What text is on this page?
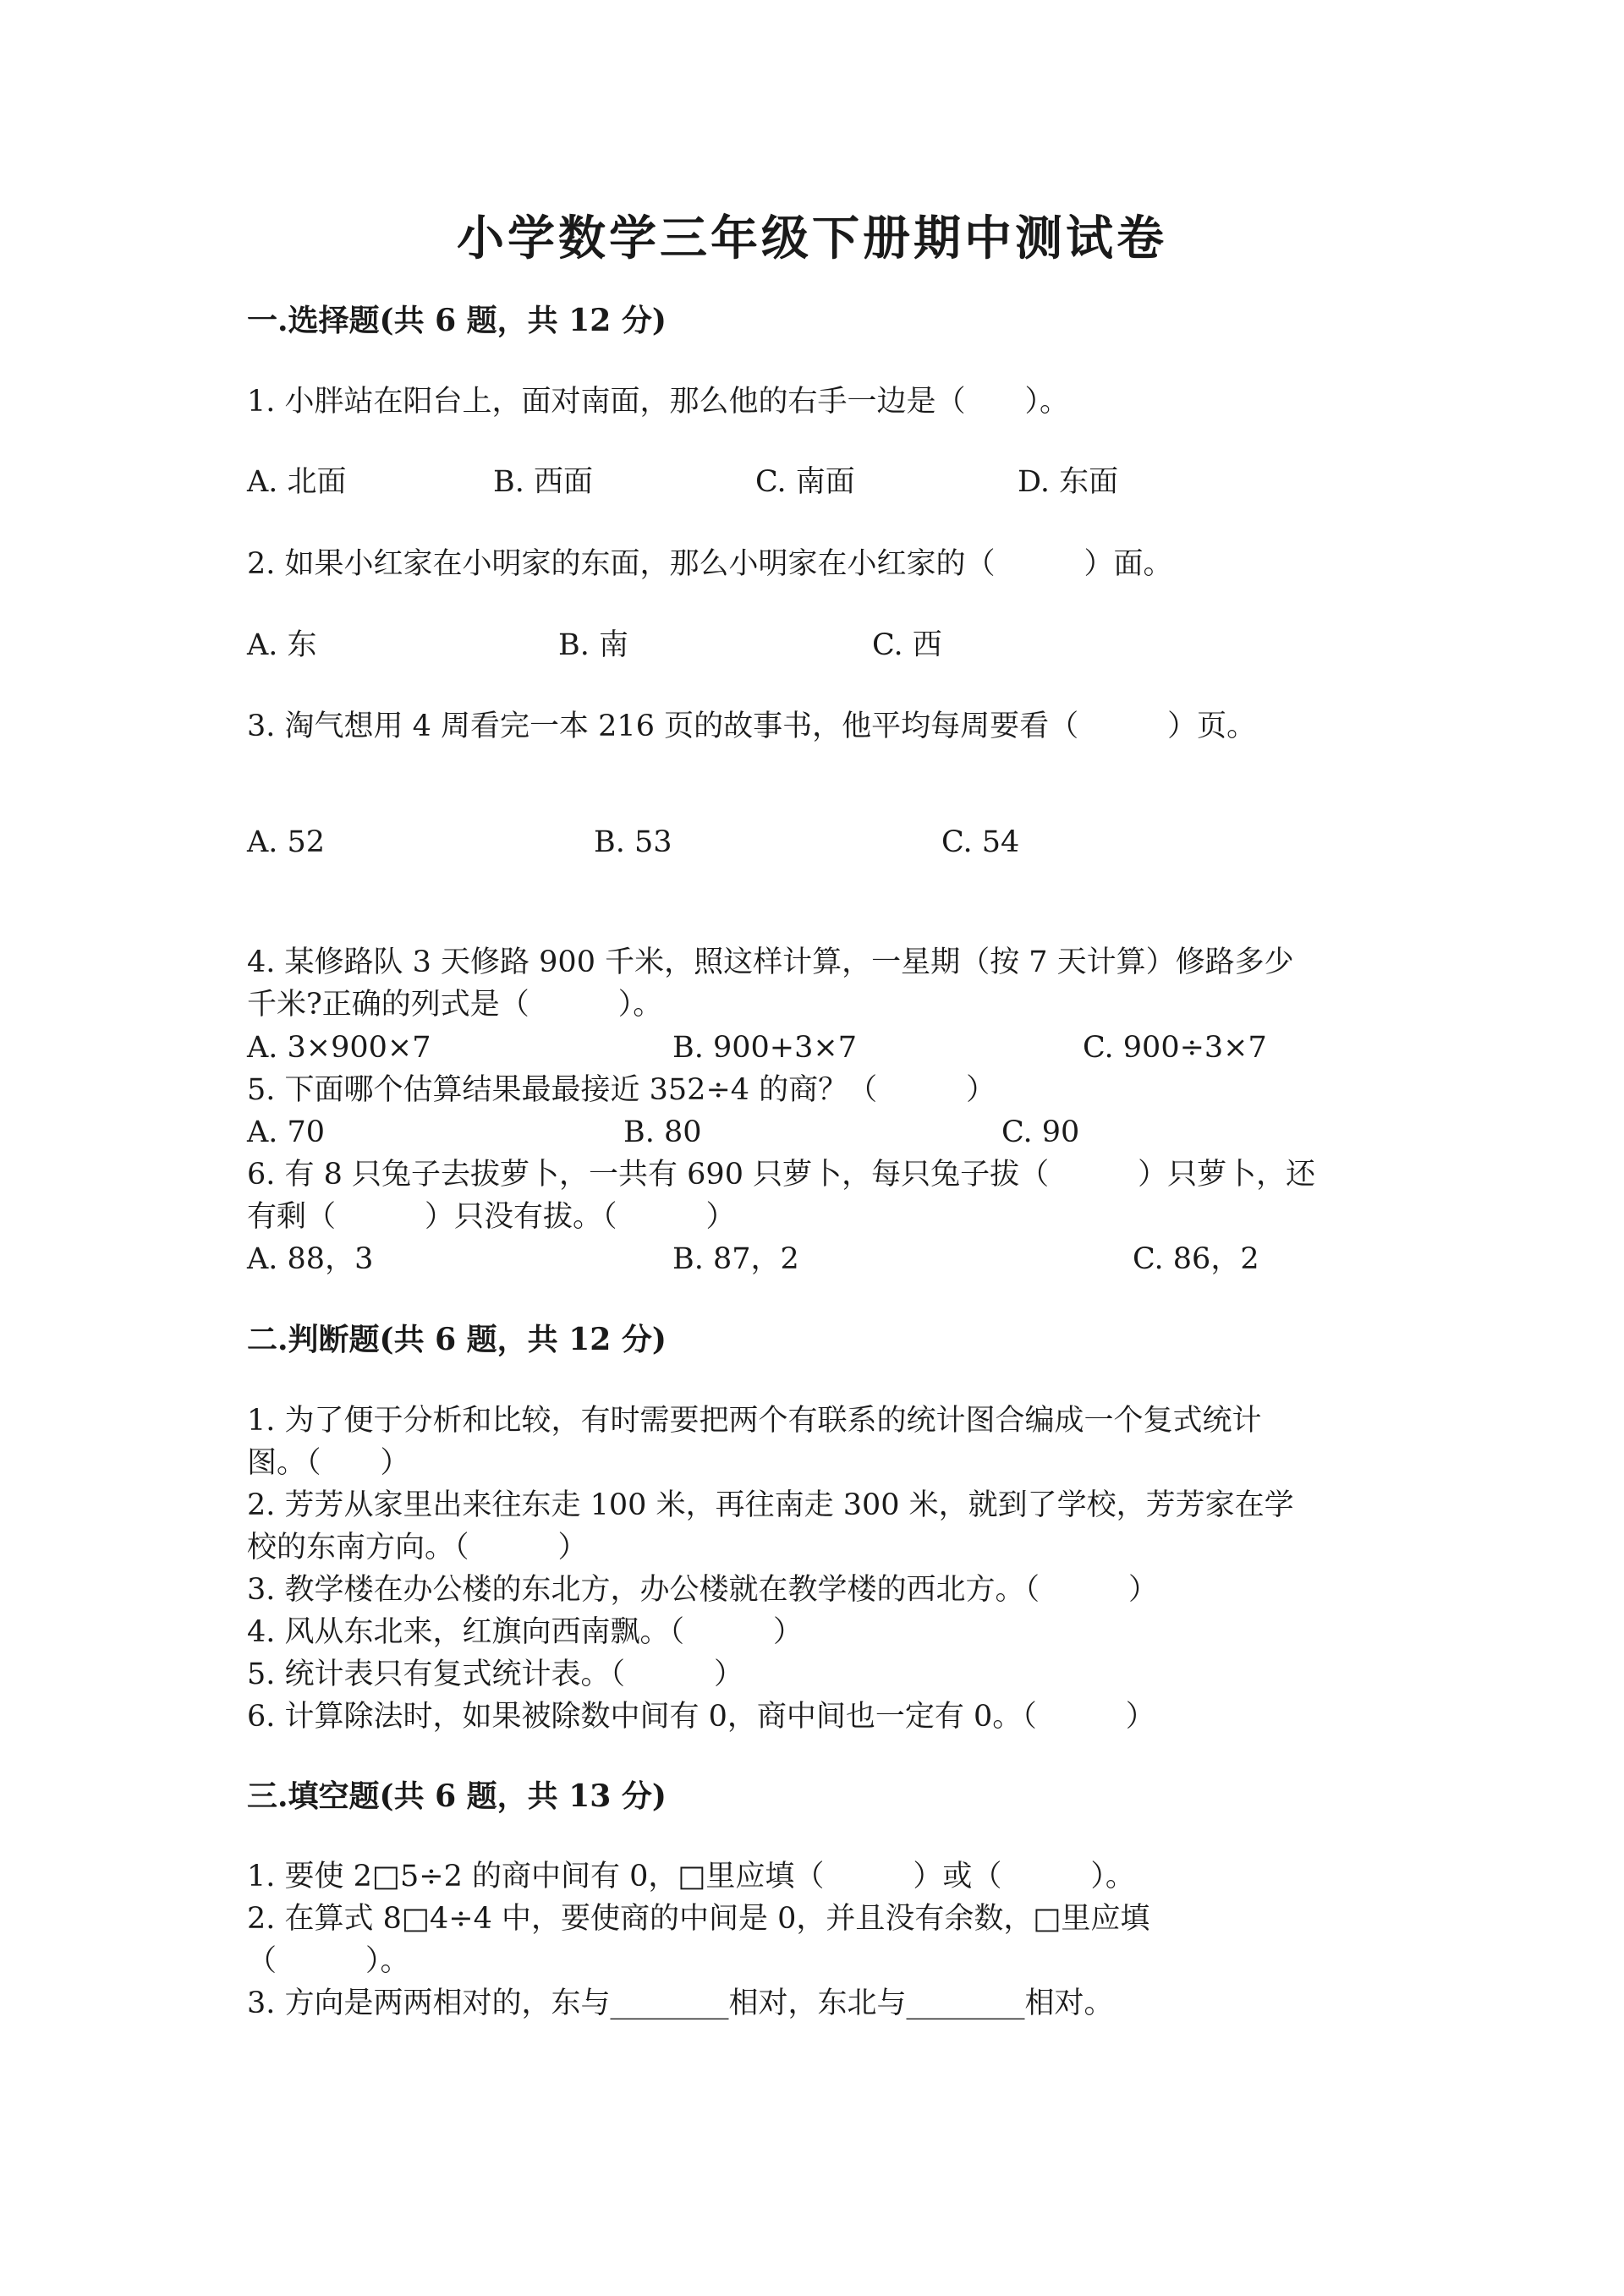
小学数学三年级下册期中测试卷
一.选择题(共 6 题，共 12 分)
1. 小胖站在阳台上，面对南面，那么他的右手一边是（　　）。
A. 北面	B. 西面	C. 南面	D. 东面
2. 如果小红家在小明家的东面，那么小明家在小红家的（　　　）面。
A. 东	B. 南	C. 西
3. 淘气想用 4 周看完一本 216 页的故事书，他平均每周要看（　　　）页。
A. 52	B. 53	C. 54
4. 某修路队 3 天修路 900 千米，照这样计算，一星期（按 7 天计算）修路多少
千米?正确的列式是（　　　）。
A. 3×900×7	B. 900+3×7	C. 900÷3×7
5. 下面哪个估算结果最最接近 352÷4 的商？（　　　）
A. 70	B. 80	C. 90
6. 有 8 只兔子去拔萝卜，一共有 690 只萝卜，每只兔子拔（　　　）只萝卜，还
有剩（　　　）只没有拔。（　　　）
A. 88，3	B. 87，2	C. 86，2
二.判断题(共 6 题，共 12 分)
1. 为了便于分析和比较，有时需要把两个有联系的统计图合编成一个复式统计
图。（　　）
2. 芳芳从家里出来往东走 100 米，再往南走 300 米，就到了学校，芳芳家在学
校的东南方向。（　　　）
3. 教学楼在办公楼的东北方，办公楼就在教学楼的西北方。（　　　）
4. 风从东北来，红旗向西南飘。（　　　）
5. 统计表只有复式统计表。（　　　）
6. 计算除法时，如果被除数中间有 0，商中间也一定有 0。（　　　）
三.填空题(共 6 题，共 13 分)
1. 要使 2□5÷2 的商中间有 0，□里应填（　　　）或（　　　）。
2. 在算式 8□4÷4 中，要使商的中间是 0，并且没有余数，□里应填
（　　　）。
3. 方向是两两相对的，东与________相对，东北与________相对。
